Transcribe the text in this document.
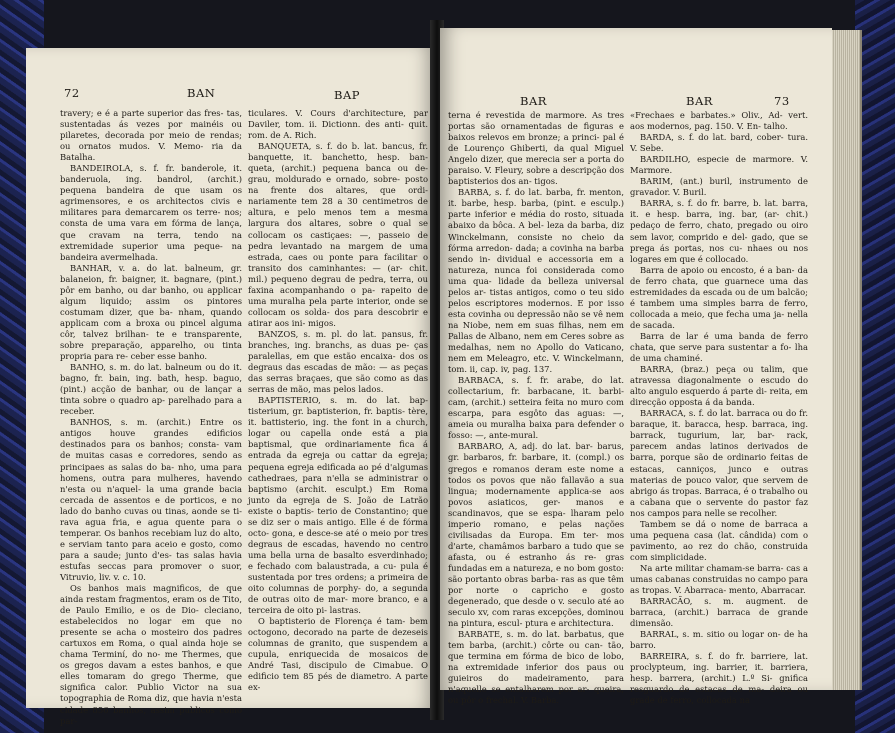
72	BAN	BAP

travery; e é a parte superior das fres- tas, sustentadas ás vezes por mainéis ou pilaretes, decorada por meio de rendas; ou ornatos mudos. V. Memo- ria da Batalha.

BANDEIROLA, s. f. fr. banderole, it. banderuola, ing. bandrol, (archit.) pequena bandeira de que usam os agrimensores, e os architectos civis e militares para demarcarem os terre- nos; consta de uma vara em fórma de lança, que cravam na terra, tendo na extremidade superior uma peque- na bandeira avermelhada.

BANHAR, v. a. do lat. balneum, gr. balaneion, fr. baigner, it. bagnare, (pint.) pôr em banho, ou dar banho, ou applicar algum liquido; assim os pintores costumam dizer, que ba- nham, quando applicam com a broxa ou pincel alguma côr, talvez brilhan- te e transparente, sobre preparação, apparelho, ou tinta propria para re- ceber esse banho.

BANHO, s. m. do lat. balneum ou do it. bagno, fr. bain, ing. bath, hesp. baguo, (pint.) acção de banhar, ou de lançar a tinta sobre o quadro ap- parelhado para a receber.

BANHOS, s. m. (archit.) Entre os antigos houve grandes edificios destinados para os banhos; consta- vam de muitas casas e corredores, sendo as principaes as salas do ba- nho, uma para homens, outra para mulheres, havendo n'esta ou n'aquel- la uma grande bacia cercada de assentos e de porticos, e no lado do banho cuvas ou tinas, aonde se ti- rava agua fria, e agua quente para o temperar. Os banhos recebiam luz do alto, e serviam tanto para aceio e gosto, como para a saude; junto d'es- tas salas havia estufas seccas para promover o suor, Vitruvio, liv. v. c. 10.

Os banhos mais magnificos, de que ainda restam fragmentos, eram os de Tito, de Paulo Emilio, e os de Dio- cleciano, estabelecidos no logar em que no presente se acha o mosteiro dos padres cartuxos em Roma, o qual ainda hoje se chama Terminí, do no- me Thermes, que os gregos davam a estes banhos, e que elles tomaram do grego Therme, que significa calor. Publio Victor na sua topographia de Roma diz, que havia n'esta cidade 856 banhos, assim publicos como par-

ticulares. V. Cours d'architecture, par Daviler, tom. ii. Dictionn. des anti- quit. rom. de A. Rich.

BANQUETA, s. f. do b. lat. bancus, fr. banquette, it. banchetto, hesp. ban- queta, (archit.) pequena banca ou de- grau, moldurado e ornado, sobre- posto na frente dos altares, que ordi- nariamente tem 28 a 30 centimetros de altura, e pelo menos tem a mesma largura dos altares, sobre o qual se collocam os castiçaes: —, passeio de pedra levantado na margem de uma estrada, caes ou ponte para facilitar o transito dos caminhantes: — (ar- chit. mil.) pequeno degrau de pedra, terra, ou faxina acompanhando o pa- rapeito de uma muralha pela parte interior, onde se collocam os solda- dos para descobrir e atirar aos ini- migos.

BANZOS, s. m. pl. do lat. pansus, fr. branches, ing. branchs, as duas pe- ças paralellas, em que estão encaixa- dos os degraus das escadas de mão: — as peças das serras braçaes, que são como as das serras de mão, mas pelos lados.

BAPTISTERIO, s. m. do lat. bap- tisterium, gr. baptisterion, fr. baptis- tère, it. battisterio, ing. the font in a church, logar ou capella onde está a pia baptismal, que ordinariamente fica á entrada da egreja ou cattar da egreja; pequena egreja edificada ao pé d'algumas cathedraes, para n'ella se administrar o baptismo (archit. esculpt.) Em Roma junto da egreja de S. João de Latrão existe o baptis- terio de Constantino; que se diz ser o mais antigo. Elle é de fórma octo- gona, e desce-se até o meio por tres degraus de escadas, havendo no centro uma bella urna de basalto esverdinhado; e fechado com balaustrada, a cu- pula é sustentada por tres ordens; a primeira de oito columnas de porphy- do, a segunda de outras oito de mar- more branco, e a terceira de oito pi- lastras.

O baptisterio de Florença é tam- bem octogono, decorado na parte de dezeseis columnas de granito, que suspendem a cupula, enriquecida de mosaicos de André Tasi, discipulo de Cimabue. O edificio tem 85 pés de diametro. A parte ex-

BAR	BAR	73

terna é revestida de marmore. As tres portas são ornamentadas de figuras e baixos relevos em bronze; a princi- pal é de Lourenço Ghiberti, da qual Miguel Angelo dizer, que merecia ser a porta do paraiso. V. Fleury, sobre a descripção dos baptisterios dos an- tigos.

BARBA, s. f. do lat. barba, fr. menton, it. barbe, hesp. barba, (pint. e esculp.) parte inferior e média do rosto, situada abaixo da bôca. A bel- leza da barba, diz Winckelmann, consiste no cheio da fórma arredon- dada; a covinha na barba sendo in- dividual e accessoria em a natureza, nunca foi considerada como uma qua- lidade da belleza universal pelos ar- tistas antigos, como o teu sido pelos escriptores modernos. E por isso esta covinha ou depressão não se vê nem na Niobe, nem em suas filhas, nem em Pallas de Albano, nem em Ceres sobre as medalhas, nem no Apollo do Vaticano, nem em Meleagro, etc. V. Winckelmann, tom. ii, cap. iv, pag. 137.

BARBACA, s. f. fr. arabe, do lat. collectarium, fr. barbacane, it. barbi- cam, (archit.) setteira feita no muro com escarpa, para esgôto das aguas: —, ameia ou muralha baixa para defender o fosso: —, ante-mural.

BARBARO, A, adj. do lat. bar- barus, gr. barbaros, fr. barbare, it. (compl.) os gregos e romanos deram este nome a todos os povos que não fallavão a sua lingua; modernamente applica-se aos povos asiaticos, ger- manos e scandinavos, que se espa- lharam pelo imperio romano, e pelas nações civilisadas da Europa. Em ter- mos d'arte, chamâmos barbaro a tudo que se afasta, ou é estranho ás re- gras fundadas em a natureza, e no bom gosto: são portanto obras barba- ras as que têm por norte o capricho e gosto degenerado, que desde o v. seculo até ao seculo xv, com raras excepções, dominou na pintura, escul- ptura e architectura.

BARBATE, s. m. do lat. barbatus, que tem barba, (archit.) côrte ou can- tão, que termina em fórma de bico de lobo, na extremidade inferior dos paus ou guieiros do madeiramento, para n'aquelle se entalharem por ar- queira, ou pôr o frechal. V. Barba.

«Frechaes e barbates.» Oliv., Ad- vert. aos modernos, pag. 150. V. En- talho.

BARDA, s. f. do lat. bard, cober- tura. V. Sebe.

BARDILHO, especie de marmore. V. Marmore.

BARIM, (ant.) buril, instrumento de gravador. V. Buril.

BARRA, s. f. do fr. barre, b. lat. barra, it. e hesp. barra, ing. bar, (ar- chit.) pedaço de ferro, chato, pregado ou oiro sem lavor, comprido e del- gado, que se prega ás portas, nos cu- nhaes ou nos logares em que é collocado.

Barra de apoio ou encosto, é a ban- da de ferro chata, que guarnece uma das estremidades da escada ou de um balcão; é tambem uma simples barra de ferro, collocada a meio, que fecha uma ja- nella de sacada.

Barra de lar é uma banda de ferro chata, que serve para sustentar a fo- lha de uma chaminé.

BARRA, (braz.) peça ou talim, que atravessa diagonalmente o escudo do alto angulo esquerdo á parte di- reita, em direcção opposta á da banda.

BARRACA, s. f. do lat. barraca ou do fr. baraque, it. baracca, hesp. barraca, ing. barrack, tugurium, lar, bar- rack, parecem andas latinos derivados de barra, porque são de ordinario feitas de estacas, canniços, junco e outras materias de pouco valor, que servem de abrigo ás tropas. Barraca, é o trabalho ou a cabana que o servente do pastor faz nos campos para nelle se recolher.

Tambem se dá o nome de barraca a uma pequena casa (lat. cândida) com o pavimento, ao rez do chão, construida com simplicidade.

Na arte militar chamam-se barra- cas a umas cabanas construidas no campo para as tropas. V. Abarraca- mento, Abarracar.

BARRACÃO, s. m. augment. de barraca, (archit.) barraca de grande dimensão.

BARRAL, s. m. sitio ou logar on- de ha barro.

BARREIRA, s. f. do fr. barriere, lat. proclypteum, ing. barrier, it. barriera, hesp. barrera, (archit.) L.º Si- gnifica resguardo de estacas de ma- deira ou grade de ferro, collocada na
